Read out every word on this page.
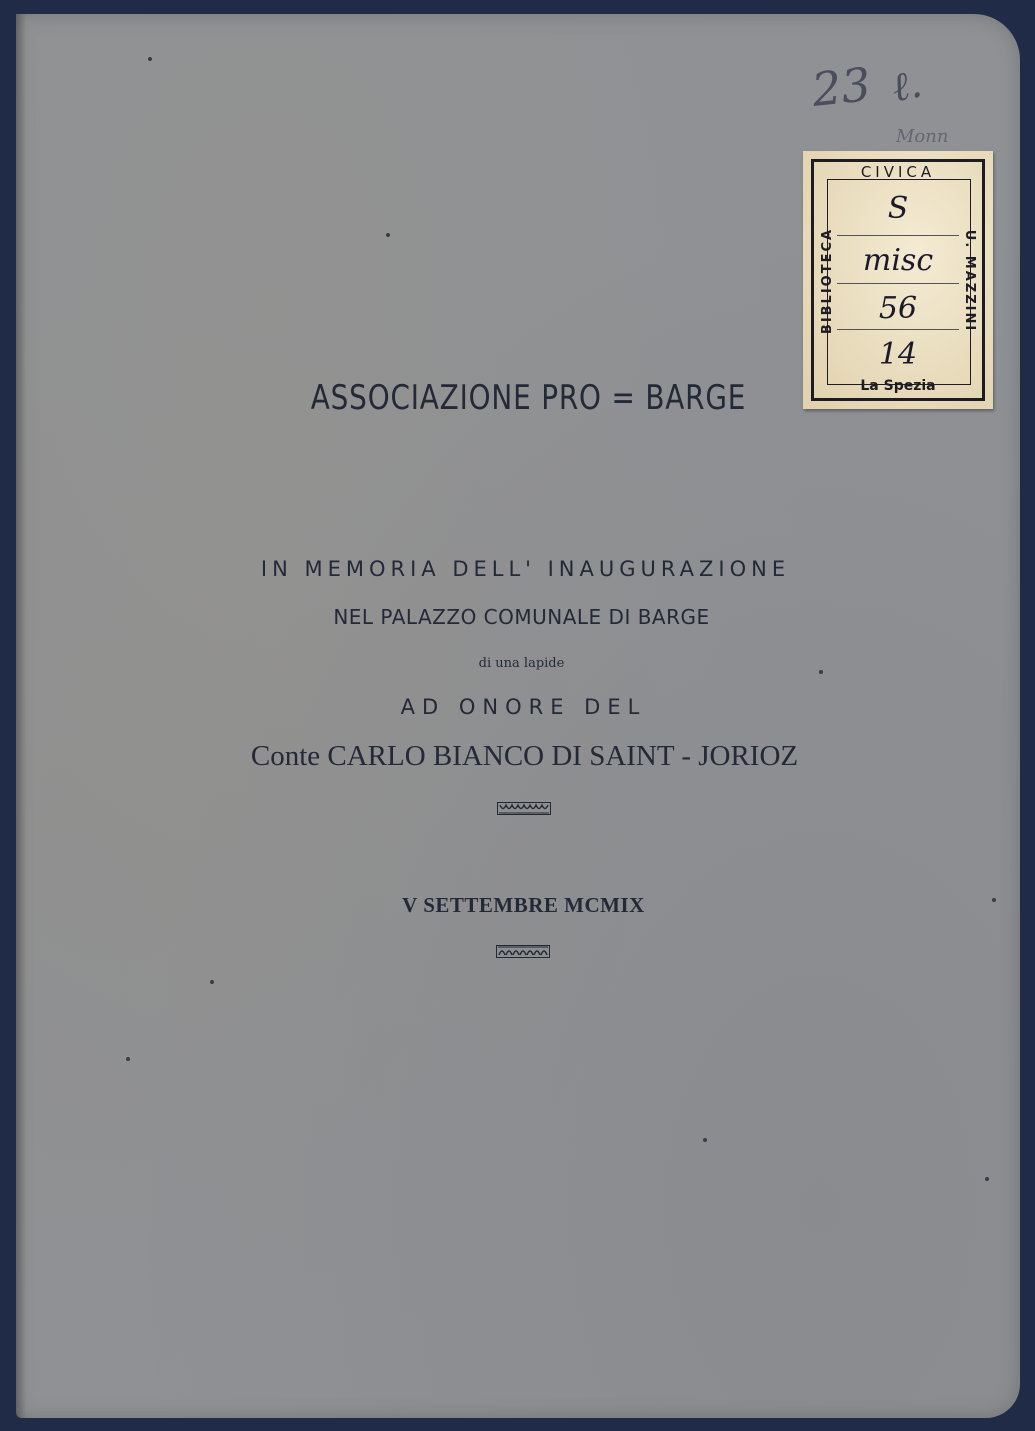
23 ℓ.
Monn
CIVICA
BIBLIOTECA	U. MAZZINI
S
misc
56
14
La Spezia
ASSOCIAZIONE PRO = BARGE
IN MEMORIA DELL' INAUGURAZIONE
NEL PALAZZO COMUNALE DI BARGE
di una lapide
AD ONORE DEL
Conte CARLO BIANCO DI SAINT - JORIOZ
V SETTEMBRE MCMIX
